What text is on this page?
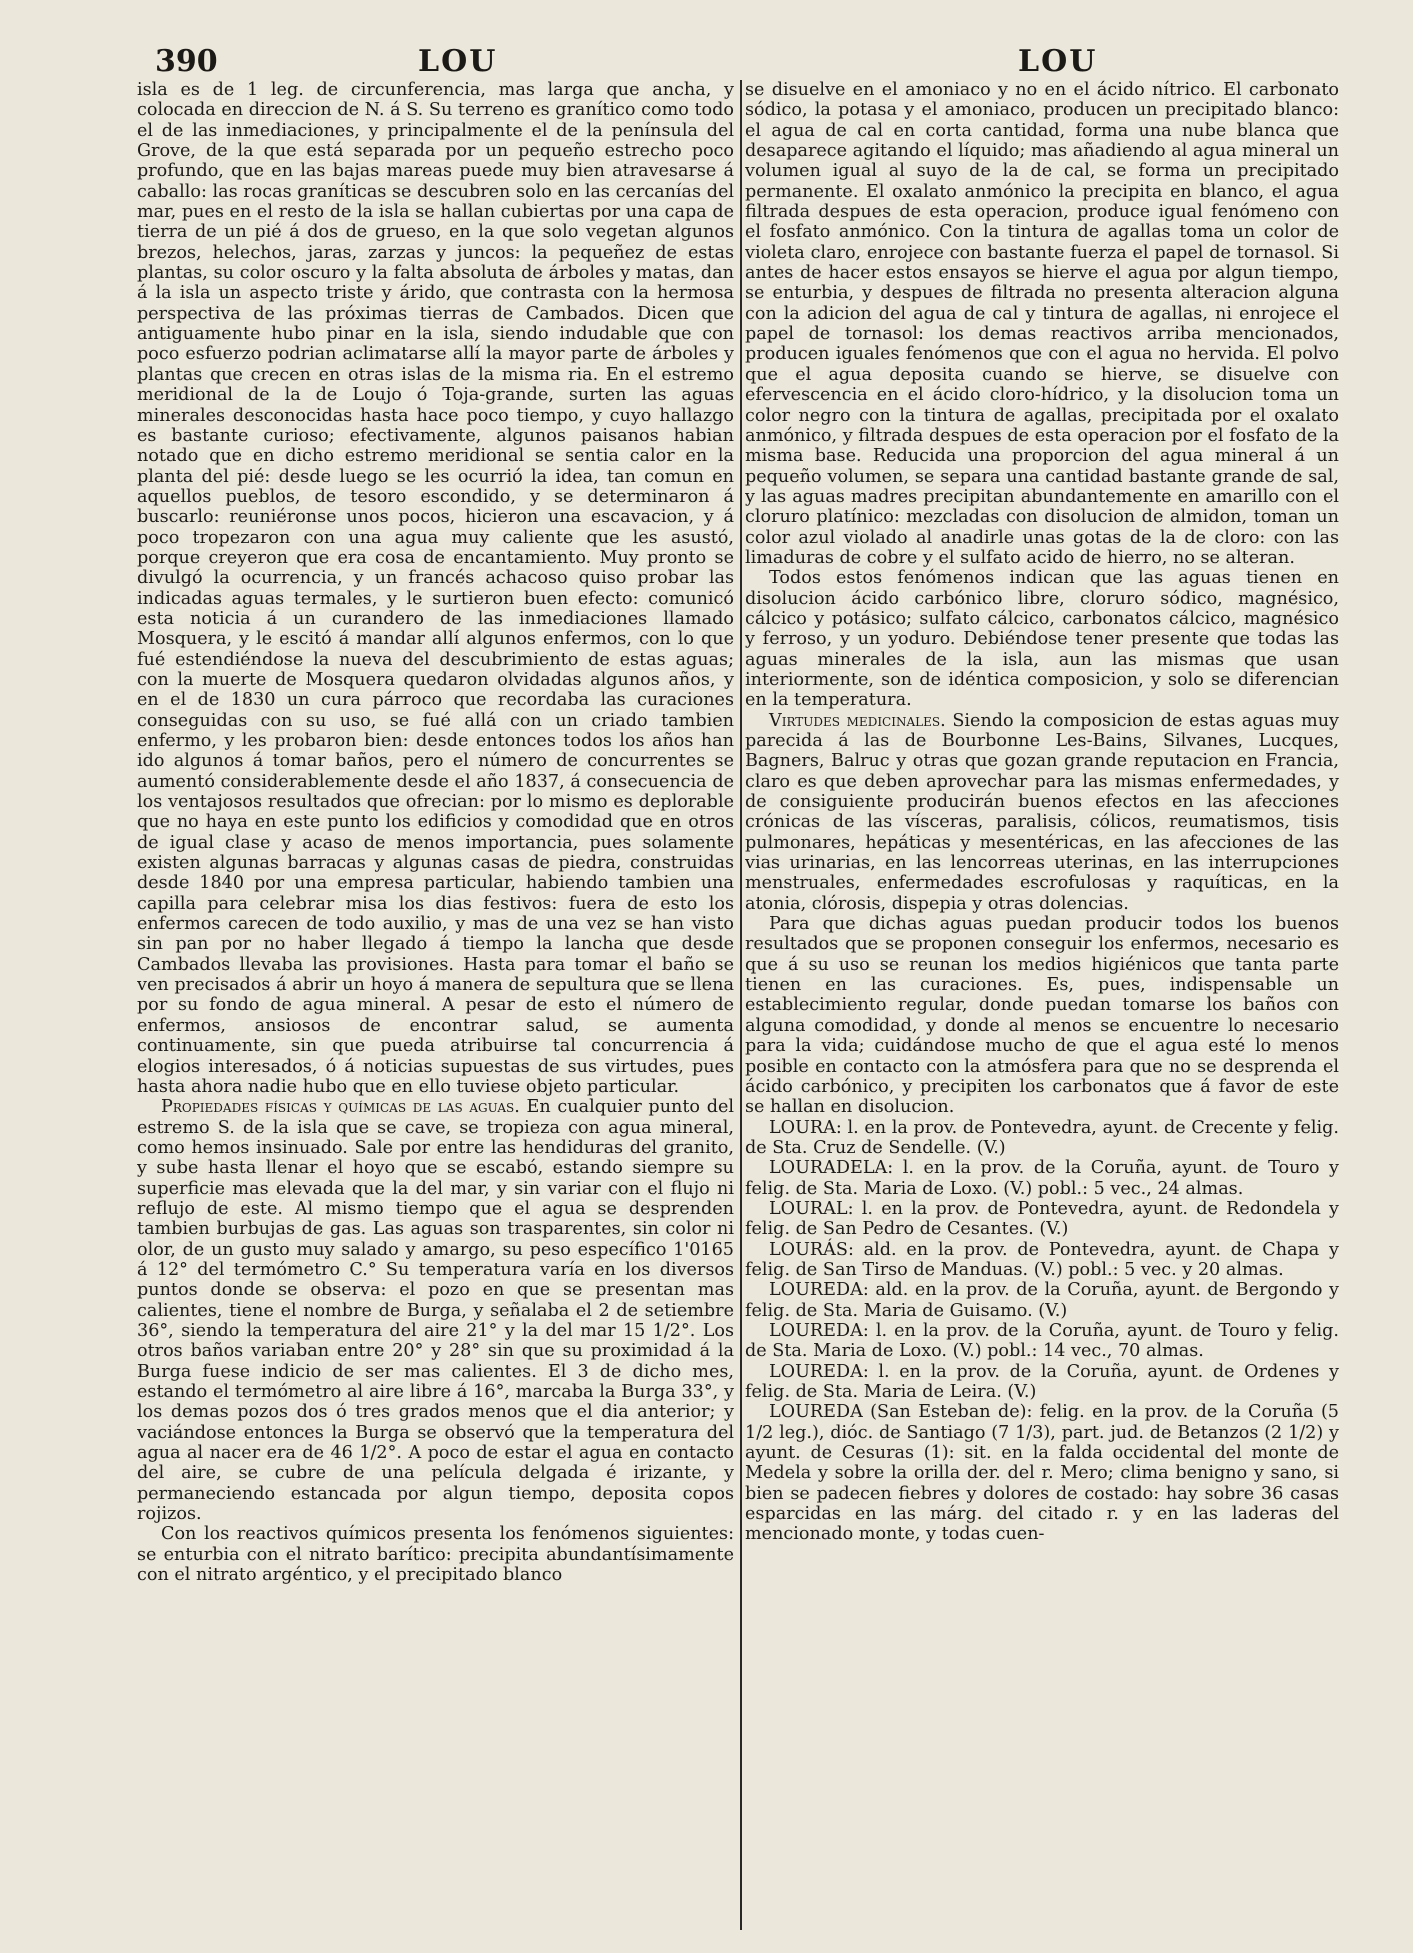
390	LOU	LOU

isla es de 1 leg. de circunferencia, mas larga que ancha, y colocada en direccion de N. á S. Su terreno es granítico como todo el de las inmediaciones, y principalmente el de la península del Grove, de la que está separada por un pequeño estrecho poco profundo, que en las bajas mareas puede muy bien atravesarse á caballo: las rocas graníticas se descubren solo en las cercanías del mar, pues en el resto de la isla se hallan cubiertas por una capa de tierra de un pié á dos de grueso, en la que solo vegetan algunos brezos, helechos, jaras, zarzas y juncos: la pequeñez de estas plantas, su color oscuro y la falta absoluta de árboles y matas, dan á la isla un aspecto triste y árido, que contrasta con la hermosa perspectiva de las próximas tierras de Cambados. Dicen que antiguamente hubo pinar en la isla, siendo indudable que con poco esfuerzo podrian aclimatarse allí la mayor parte de árboles y plantas que crecen en otras islas de la misma ria. En el estremo meridional de la de Loujo ó Toja-grande, surten las aguas minerales desconocidas hasta hace poco tiempo, y cuyo hallazgo es bastante curioso; efectivamente, algunos paisanos habian notado que en dicho estremo meridional se sentia calor en la planta del pié: desde luego se les ocurrió la idea, tan comun en aquellos pueblos, de tesoro escondido, y se determinaron á buscarlo: reuniéronse unos pocos, hicieron una escavacion, y á poco tropezaron con una agua muy caliente que les asustó, porque creyeron que era cosa de encantamiento. Muy pronto se divulgó la ocurrencia, y un francés achacoso quiso probar las indicadas aguas termales, y le surtieron buen efecto: comunicó esta noticia á un curandero de las inmediaciones llamado Mosquera, y le escitó á mandar allí algunos enfermos, con lo que fué estendiéndose la nueva del descubrimiento de estas aguas; con la muerte de Mosquera quedaron olvidadas algunos años, y en el de 1830 un cura párroco que recordaba las curaciones conseguidas con su uso, se fué allá con un criado tambien enfermo, y les probaron bien: desde entonces todos los años han ido algunos á tomar baños, pero el número de concurrentes se aumentó considerablemente desde el año 1837, á consecuencia de los ventajosos resultados que ofrecian: por lo mismo es deplorable que no haya en este punto los edificios y comodidad que en otros de igual clase y acaso de menos importancia, pues solamente existen algunas barracas y algunas casas de piedra, construidas desde 1840 por una empresa particular, habiendo tambien una capilla para celebrar misa los dias festivos: fuera de esto los enfermos carecen de todo auxilio, y mas de una vez se han visto sin pan por no haber llegado á tiempo la lancha que desde Cambados llevaba las provisiones. Hasta para tomar el baño se ven precisados á abrir un hoyo á manera de sepultura que se llena por su fondo de agua mineral. A pesar de esto el número de enfermos, ansiosos de encontrar salud, se aumenta continuamente, sin que pueda atribuirse tal concurrencia á elogios interesados, ó á noticias supuestas de sus virtudes, pues hasta ahora nadie hubo que en ello tuviese objeto particular.

Propiedades físicas y químicas de las aguas. En cualquier punto del estremo S. de la isla que se cave, se tropieza con agua mineral, como hemos insinuado. Sale por entre las hendiduras del granito, y sube hasta llenar el hoyo que se escabó, estando siempre su superficie mas elevada que la del mar, y sin variar con el flujo ni reflujo de este. Al mismo tiempo que el agua se desprenden tambien burbujas de gas. Las aguas son trasparentes, sin color ni olor, de un gusto muy salado y amargo, su peso específico 1'0165 á 12° del termómetro C.° Su temperatura varía en los diversos puntos donde se observa: el pozo en que se presentan mas calientes, tiene el nombre de Burga, y señalaba el 2 de setiembre 36°, siendo la temperatura del aire 21° y la del mar 15 1/2°. Los otros baños variaban entre 20° y 28° sin que su proximidad á la Burga fuese indicio de ser mas calientes. El 3 de dicho mes, estando el termómetro al aire libre á 16°, marcaba la Burga 33°, y los demas pozos dos ó tres grados menos que el dia anterior; y vaciándose entonces la Burga se observó que la temperatura del agua al nacer era de 46 1/2°. A poco de estar el agua en contacto del aire, se cubre de una película delgada é irizante, y permaneciendo estancada por algun tiempo, deposita copos rojizos.

Con los reactivos químicos presenta los fenómenos siguientes: se enturbia con el nitrato barítico: precipita abundantísimamente con el nitrato argéntico, y el precipitado blanco

se disuelve en el amoniaco y no en el ácido nítrico. El carbonato sódico, la potasa y el amoniaco, producen un precipitado blanco: el agua de cal en corta cantidad, forma una nube blanca que desaparece agitando el líquido; mas añadiendo al agua mineral un volumen igual al suyo de la de cal, se forma un precipitado permanente. El oxalato anmónico la precipita en blanco, el agua filtrada despues de esta operacion, produce igual fenómeno con el fosfato anmónico. Con la tintura de agallas toma un color de violeta claro, enrojece con bastante fuerza el papel de tornasol. Si antes de hacer estos ensayos se hierve el agua por algun tiempo, se enturbia, y despues de filtrada no presenta alteracion alguna con la adicion del agua de cal y tintura de agallas, ni enrojece el papel de tornasol: los demas reactivos arriba mencionados, producen iguales fenómenos que con el agua no hervida. El polvo que el agua deposita cuando se hierve, se disuelve con efervescencia en el ácido cloro-hídrico, y la disolucion toma un color negro con la tintura de agallas, precipitada por el oxalato anmónico, y filtrada despues de esta operacion por el fosfato de la misma base. Reducida una proporcion del agua mineral á un pequeño volumen, se separa una cantidad bastante grande de sal, y las aguas madres precipitan abundantemente en amarillo con el cloruro platínico: mezcladas con disolucion de almidon, toman un color azul violado al anadirle unas gotas de la de cloro: con las limaduras de cobre y el sulfato acido de hierro, no se alteran.

Todos estos fenómenos indican que las aguas tienen en disolucion ácido carbónico libre, cloruro sódico, magnésico, cálcico y potásico; sulfato cálcico, carbonatos cálcico, magnésico y ferroso, y un yoduro. Debiéndose tener presente que todas las aguas minerales de la isla, aun las mismas que usan interiormente, son de idéntica composicion, y solo se diferencian en la temperatura.

Virtudes medicinales. Siendo la composicion de estas aguas muy parecida á las de Bourbonne Les-Bains, Silvanes, Lucques, Bagners, Balruc y otras que gozan grande reputacion en Francia, claro es que deben aprovechar para las mismas enfermedades, y de consiguiente producirán buenos efectos en las afecciones crónicas de las vísceras, paralisis, cólicos, reumatismos, tisis pulmonares, hepáticas y mesentéricas, en las afecciones de las vias urinarias, en las lencorreas uterinas, en las interrupciones menstruales, enfermedades escrofulosas y raquíticas, en la atonia, clórosis, dispepia y otras dolencias.

Para que dichas aguas puedan producir todos los buenos resultados que se proponen conseguir los enfermos, necesario es que á su uso se reunan los medios higiénicos que tanta parte tienen en las curaciones. Es, pues, indispensable un establecimiento regular, donde puedan tomarse los baños con alguna comodidad, y donde al menos se encuentre lo necesario para la vida; cuidándose mucho de que el agua esté lo menos posible en contacto con la atmósfera para que no se desprenda el ácido carbónico, y precipiten los carbonatos que á favor de este se hallan en disolucion.

LOURA: l. en la prov. de Pontevedra, ayunt. de Crecente y felig. de Sta. Cruz de Sendelle. (V.)

LOURADELA: l. en la prov. de la Coruña, ayunt. de Touro y felig. de Sta. Maria de Loxo. (V.) pobl.: 5 vec., 24 almas.

LOURAL: l. en la prov. de Pontevedra, ayunt. de Redondela y felig. de San Pedro de Cesantes. (V.)

LOURÁS: ald. en la prov. de Pontevedra, ayunt. de Chapa y felig. de San Tirso de Manduas. (V.) pobl.: 5 vec. y 20 almas.

LOUREDA: ald. en la prov. de la Coruña, ayunt. de Bergondo y felig. de Sta. Maria de Guisamo. (V.)

LOUREDA: l. en la prov. de la Coruña, ayunt. de Touro y felig. de Sta. Maria de Loxo. (V.) pobl.: 14 vec., 70 almas.

LOUREDA: l. en la prov. de la Coruña, ayunt. de Ordenes y felig. de Sta. Maria de Leira. (V.)

LOUREDA (San Esteban de): felig. en la prov. de la Coruña (5 1/2 leg.), dióc. de Santiago (7 1/3), part. jud. de Betanzos (2 1/2) y ayunt. de Cesuras (1): sit. en la falda occidental del monte de Medela y sobre la orilla der. del r. Mero; clima benigno y sano, si bien se padecen fiebres y dolores de costado: hay sobre 36 casas esparcidas en las márg. del citado r. y en las laderas del mencionado monte, y todas cuen-
